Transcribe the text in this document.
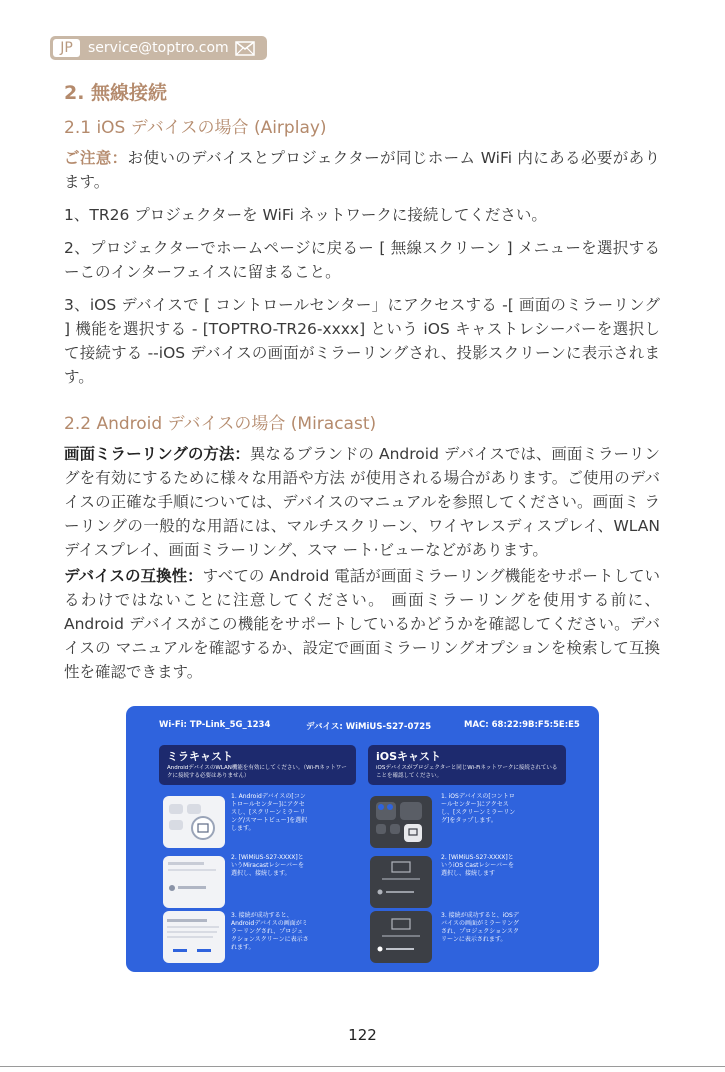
JP	service@toptro.com
2. 無線接続
2.1 iOS デバイスの場合 (Airplay)

ご注意：お使いのデバイスとプロジェクターが同じホーム WiFi 内にある必要があります。

1、TR26 プロジェクターを WiFi ネットワークに接続してください。

2、プロジェクターでホームページに戻るー [ 無線スクリーン ] メニューを選択するーこのインターフェイスに留まること。

3、iOS デバイスで [ コントロールセンター」にアクセスする -[ 画面のミラーリング ] 機能を選択する - [TOPTRO-TR26-xxxx] という iOS キャストレシーバーを選択して接続する --iOS デバイスの画面がミラーリングされ、投影スクリーンに表示されます。

2.2 Android デバイスの場合 (Miracast)

画面ミラーリングの方法：異なるブランドの Android デバイスでは、画面ミラーリングを有効にするために様々な用語や方法 が使用される場合があります。ご使用のデバイスの正確な手順については、デバイスのマニュアルを参照してください。画面ミ ラーリングの一般的な用語には、マルチスクリーン、ワイヤレスディスプレイ、WLAN デイスプレイ、画面ミラーリング、スマ ート·ビューなどがあります。

デバイスの互換性：すべての Android 電話が画面ミラーリング機能をサポートしているわけではないことに注意してください。 画面ミラーリングを使用する前に、Android デバイスがこの機能をサポートしているかどうかを確認してください。デバイスの マニュアルを確認するか、設定で画面ミラーリングオプションを検索して互換性を確認できます。

Wi-Fi: TP-Link_5G_1234	デバイス: WiMiUS-S27-0725	MAC: 68:22:9B:F5:5E:E5
ミラキャスト
AndroidデバイスのWLAN機能を有効にしてください。（Wi-Fiネットワークに接続する必要はありません）
iOSキャスト
iOSデバイスがプロジェクターと同じWi-Fiネットワークに接続されていることを確認してください。
1. Androidデバイスの[コントロールセンター]にアクセスし、[スクリーンミラーリング/スマートビュー]を選択します。
2. [WiMiUS-S27-XXXX]というMiracastレシーバーを選択し、接続します。
3. 接続が成功すると、Androidデバイスの画面がミラーリングされ、プロジェクションスクリーンに表示されます。
1. iOSデバイスの[コントロールセンター]にアクセスし、[スクリーンミラーリング]をタップします。
2. [WiMiUS-S27-XXXX]というiOS Castレシーバーを選択し、接続します
3. 接続が成功すると、iOSデバイスの画面がミラーリングされ、プロジェクションスクリーンに表示されます。
122
